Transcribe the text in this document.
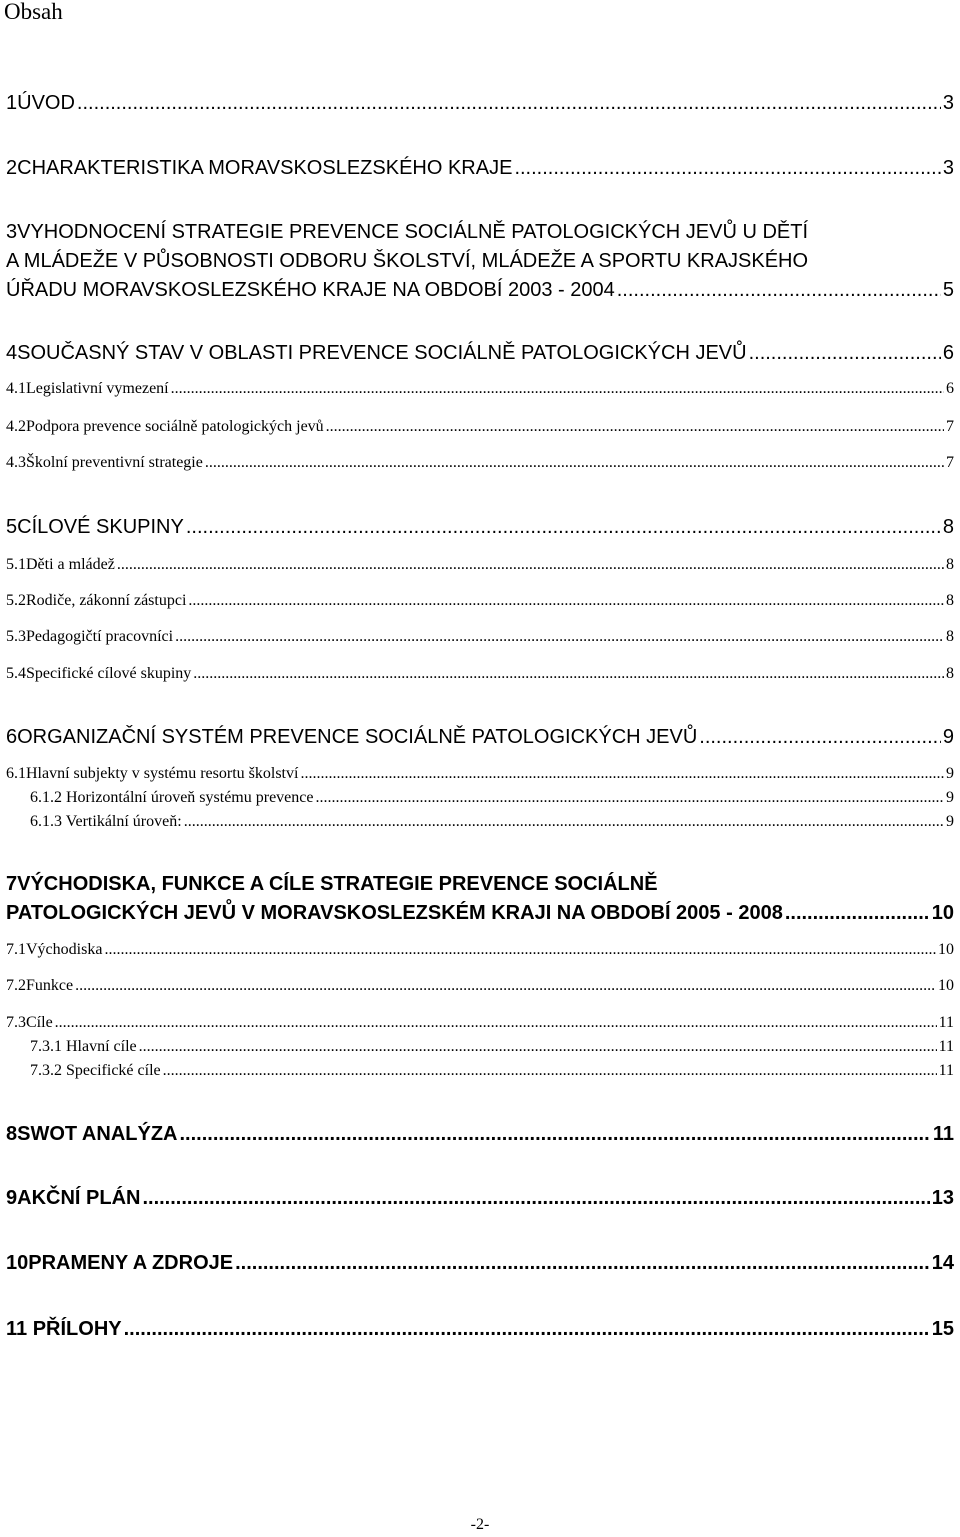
Obsah
1ÚVOD .....	3
2CHARAKTERISTIKA MORAVSKOSLEZSKÉHO KRAJE .....	3
3VYHODNOCENÍ STRATEGIE PREVENCE SOCIÁLNĚ PATOLOGICKÝCH JEVŮ U DĚTÍ
A MLÁDEŽE V PŮSOBNOSTI ODBORU ŠKOLSTVÍ, MLÁDEŽE A SPORTU KRAJSKÉHO
ÚŘADU MORAVSKOSLEZSKÉHO KRAJE NA OBDOBÍ 2003 - 2004 .....	5
4SOUČASNÝ STAV V OBLASTI PREVENCE SOCIÁLNĚ PATOLOGICKÝCH JEVŮ .....	6
4.1Legislativní vymezení .....	6
4.2Podpora prevence sociálně patologických jevů .....	7
4.3Školní preventivní strategie .....	7
5CÍLOVÉ SKUPINY .....	8
5.1Děti a mládež .....	8
5.2Rodiče, zákonní zástupci .....	8
5.3Pedagogičtí pracovníci .....	8
5.4Specifické cílové skupiny .....	8
6ORGANIZAČNÍ SYSTÉM PREVENCE SOCIÁLNĚ PATOLOGICKÝCH JEVŮ .....	9
6.1Hlavní subjekty v systému resortu školství .....	9
6.1.2 Horizontální úroveň systému prevence .....	9
6.1.3 Vertikální úroveň: .....	9
7VÝCHODISKA, FUNKCE A CÍLE STRATEGIE PREVENCE SOCIÁLNĚ
PATOLOGICKÝCH JEVŮ V MORAVSKOSLEZSKÉM KRAJI NA OBDOBÍ 2005 - 2008 .....	10
7.1Východiska .....	10
7.2Funkce .....	10
7.3Cíle .....	11
7.3.1 Hlavní cíle .....	11
7.3.2 Specifické cíle .....	11
8SWOT ANALÝZA .....	11
9AKČNÍ PLÁN .....	13
10PRAMENY A ZDROJE .....	14
11 PŘÍLOHY .....	15
-2-
